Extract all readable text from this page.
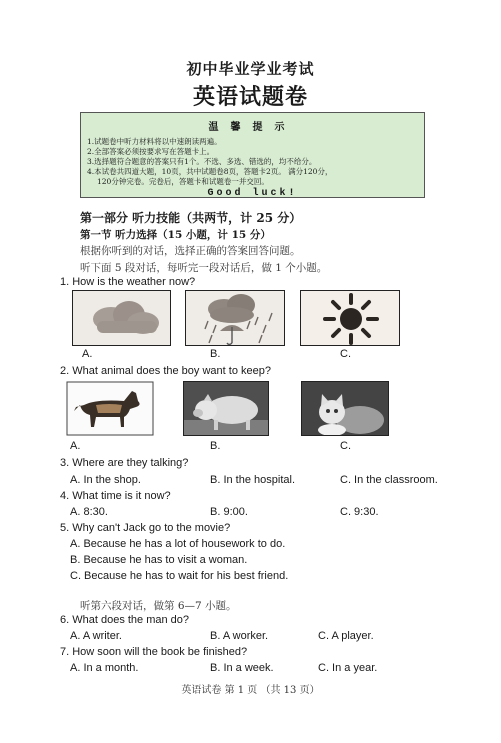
初中毕业学业考试
英语试题卷
温馨提示
1.试题卷中听力材料将以中速朗读两遍。
2.全部答案必须按要求写在答题卡上。
3.选择题符合题意的答案只有1个。不选、多选、错选的，均不给分。
4.本试卷共四道大题，10页，共中试题卷8页，答题卡2页。 满分120分，
120分钟完卷。完卷后，答题卡和试题卷一并交回。
Good luck!
第一部分 听力技能（共两节，计 25 分）
第一节 听力选择（15 小题，计 15 分）
根据你听到的对话，选择正确的答案回答问题。
听下面 5 段对话，每听完一段对话后，做 1 个小题。
1. How is the weather now?
A.	B.	C.
2. What animal does the boy want to keep?
A.	B.	C.
3. Where are they talking?
A. In the shop.	B. In the hospital.	C. In the classroom.
4. What time is it now?
A. 8:30.	B. 9:00.	C. 9:30.
5. Why can't Jack go to the movie?
A. Because he has a lot of housework to do.
B. Because he has to visit a woman.
C. Because he has to wait for his best friend.
听第六段对话，做第 6—7 小题。
6. What does the man do?
A. A writer.	B. A worker.	C. A player.
7. How soon will the book be finished?
A. In a month.	B. In a week.	C. In a year.
英语试卷 第 1 页 （共 13 页）
